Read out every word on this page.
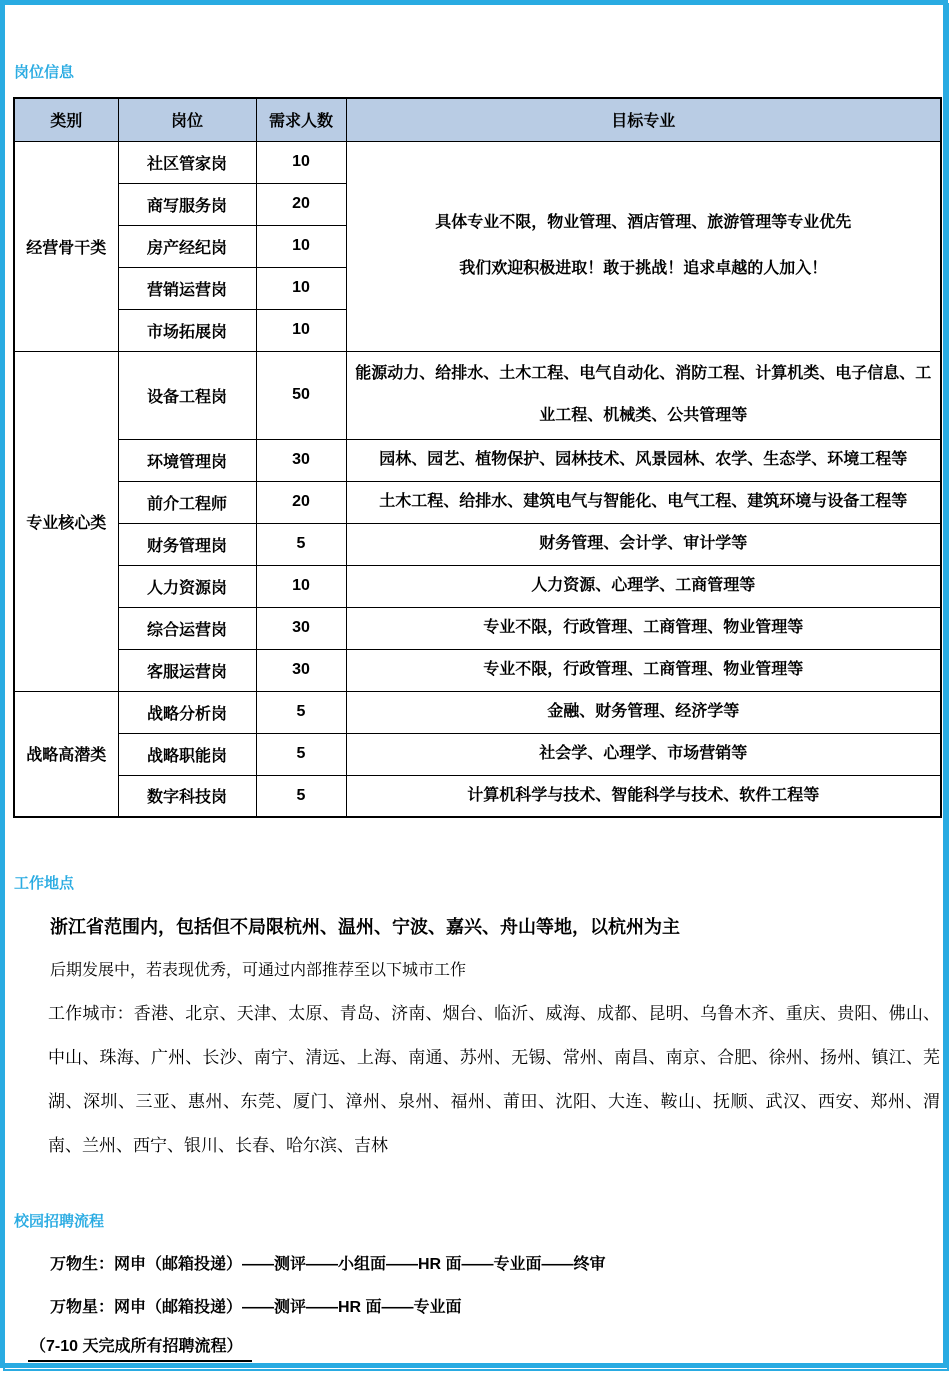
岗位信息
类别	岗位	需求人数	目标专业
经营骨干类	社区管家岗	10	具体专业不限，物业管理、酒店管理、旅游管理等专业优先
我们欢迎积极进取！敢于挑战！追求卓越的人加入！

	商写服务岗	20	
	房产经纪岗	10	
	营销运营岗	10	
	市场拓展岗	10	
专业核心类	设备工程岗	50	能源动力、给排水、土木工程、电气自动化、消防工程、计算机类、电子信息、工业工程、机械类、公共管理等
	环境管理岗	30	园林、园艺、植物保护、园林技术、风景园林、农学、生态学、环境工程等
	前介工程师	20	土木工程、给排水、建筑电气与智能化、电气工程、建筑环境与设备工程等
	财务管理岗	5	财务管理、会计学、审计学等
	人力资源岗	10	人力资源、心理学、工商管理等
	综合运营岗	30	专业不限，行政管理、工商管理、物业管理等
	客服运营岗	30	专业不限，行政管理、工商管理、物业管理等
战略高潜类	战略分析岗	5	金融、财务管理、经济学等
	战略职能岗	5	社会学、心理学、市场营销等
	数字科技岗	5	计算机科学与技术、智能科学与技术、软件工程等
工作地点

浙江省范围内，包括但不局限杭州、温州、宁波、嘉兴、舟山等地，以杭州为主

后期发展中，若表现优秀，可通过内部推荐至以下城市工作

工作城市：香港、北京、天津、太原、青岛、济南、烟台、临沂、威海、成都、昆明、乌鲁木齐、重庆、贵阳、佛山、中山、珠海、广州、长沙、南宁、清远、上海、南通、苏州、无锡、常州、南昌、南京、合肥、徐州、扬州、镇江、芜湖、深圳、三亚、惠州、东莞、厦门、漳州、泉州、福州、莆田、沈阳、大连、鞍山、抚顺、武汉、西安、郑州、渭南、兰州、西宁、银川、长春、哈尔滨、吉林

校园招聘流程

万物生：网申（邮箱投递）——测评——小组面——HR 面——专业面——终审

万物星：网申（邮箱投递）——测评——HR 面——专业面

（7-10 天完成所有招聘流程）
